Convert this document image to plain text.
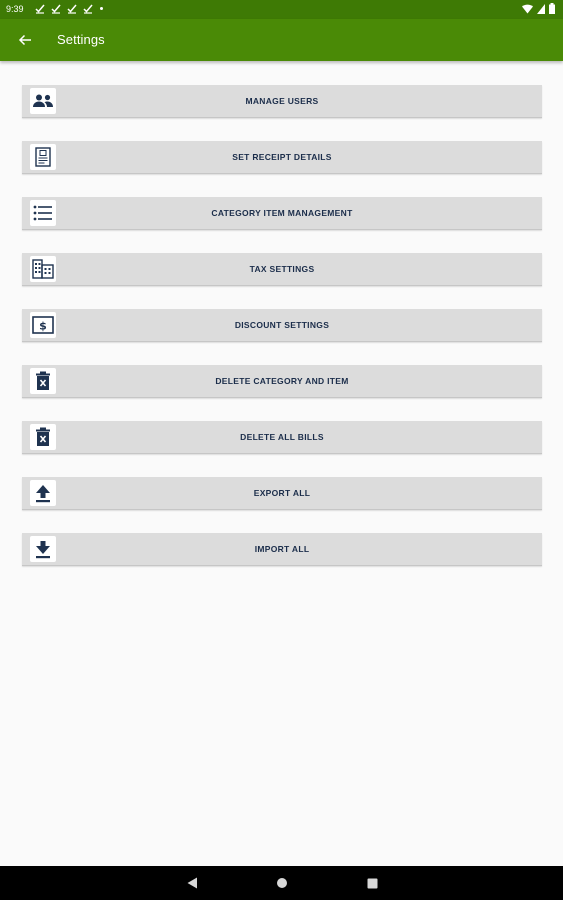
9:39
Settings
MANAGE USERS
SET RECEIPT DETAILS
CATEGORY ITEM MANAGEMENT
TAX SETTINGS
$	DISCOUNT SETTINGS
DELETE CATEGORY AND ITEM
DELETE ALL BILLS
EXPORT ALL
IMPORT ALL
